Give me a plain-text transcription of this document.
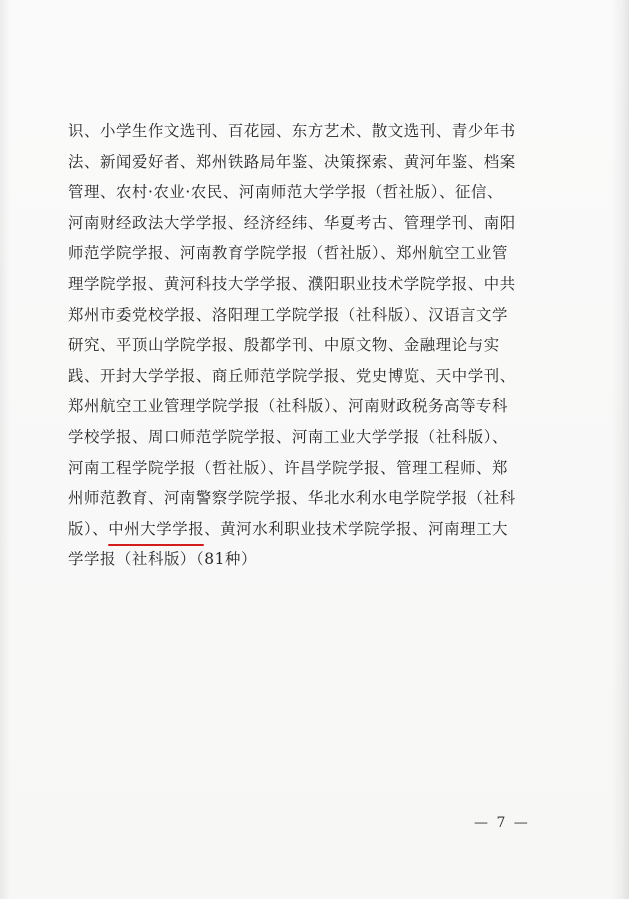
识、小学生作文选刊、百花园、东方艺术、散文选刊、青少年书
法、新闻爱好者、郑州铁路局年鉴、决策探索、黄河年鉴、档案
管理、农村·农业·农民、河南师范大学学报（哲社版）、征信、
河南财经政法大学学报、经济经纬、华夏考古、管理学刊、南阳
师范学院学报、河南教育学院学报（哲社版）、郑州航空工业管
理学院学报、黄河科技大学学报、濮阳职业技术学院学报、中共
郑州市委党校学报、洛阳理工学院学报（社科版）、汉语言文学
研究、平顶山学院学报、殷都学刊、中原文物、金融理论与实
践、开封大学学报、商丘师范学院学报、党史博览、天中学刊、
郑州航空工业管理学院学报（社科版）、河南财政税务高等专科
学校学报、周口师范学院学报、河南工业大学学报（社科版）、
河南工程学院学报（哲社版）、许昌学院学报、管理工程师、郑
州师范教育、河南警察学院学报、华北水利水电学院学报（社科
版）、中州大学学报、黄河水利职业技术学院学报、河南理工大
学学报（社科版）（81种）
— 7 —
